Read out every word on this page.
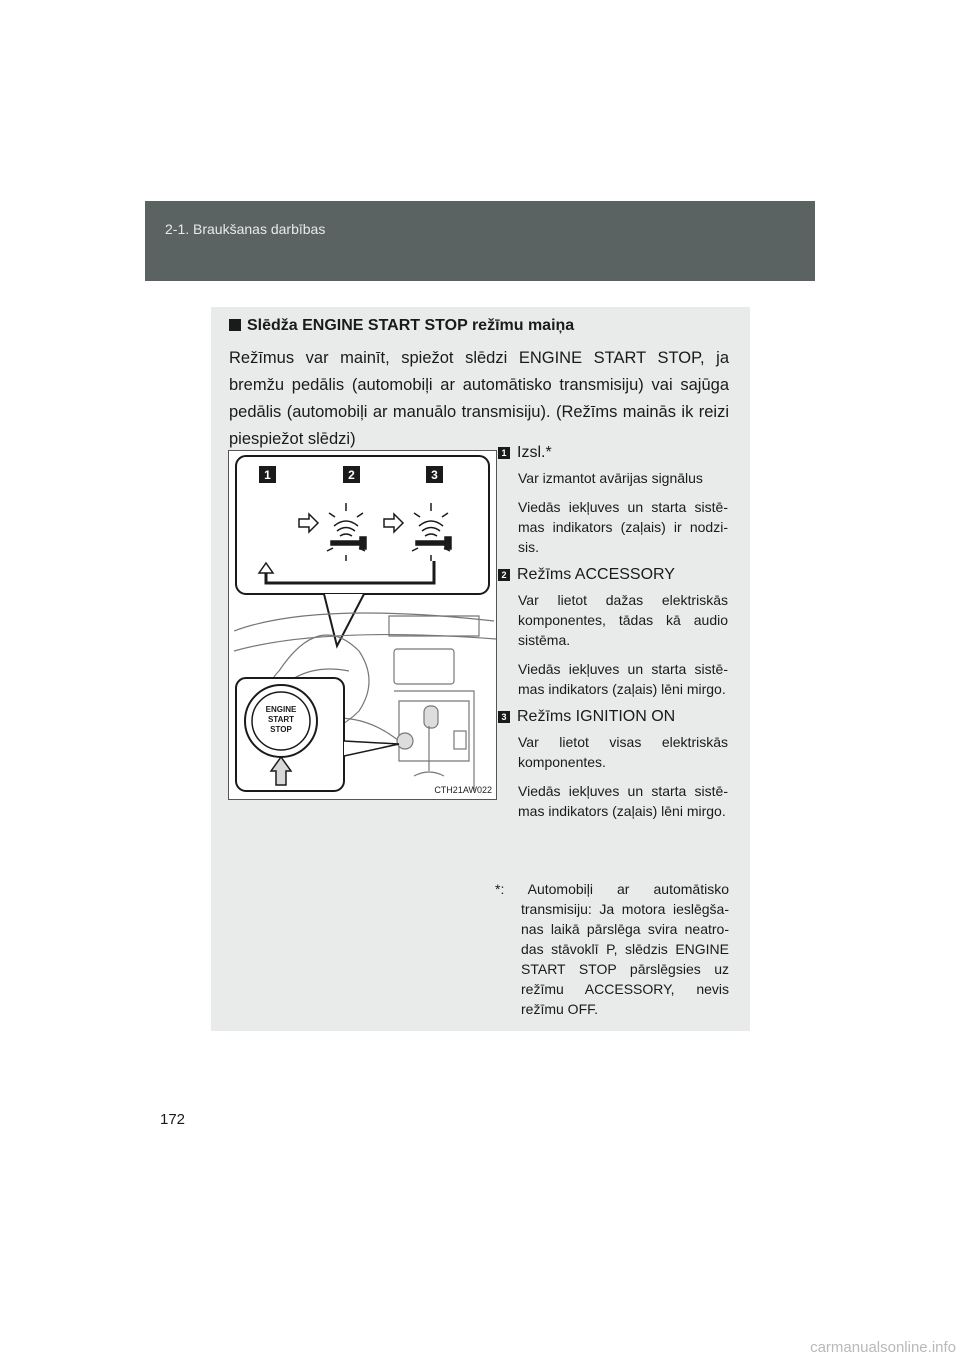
2-1. Braukšanas darbības
Slēdža ENGINE START STOP režīmu maiņa
Režīmus var mainīt, spiežot slēdzi ENGINE START STOP, ja bremžu pedālis (automobiļi ar automātisko transmisiju) vai sajūga pedālis (automobiļi ar manuālo transmisiju). (Režīms mainās ik reizi piespiežot slēdzi)
1	2	3
ENGINE
START
STOP
CTH21AW022
1 Izsl.*
Var izmantot avārijas signālus
Viedās iekļuves un starta sistē-mas indikators (zaļais) ir nodzi-sis.
2 Režīms ACCESSORY
Var lietot dažas elektriskās komponentes, tādas kā audio sistēma.
Viedās iekļuves un starta sistē-mas indikators (zaļais) lēni mirgo.
3 Režīms IGNITION ON
Var lietot visas elektriskās komponentes.
Viedās iekļuves un starta sistē-mas indikators (zaļais) lēni mirgo.
*: Automobiļi ar automātisko transmisiju: Ja motora ieslēgša-nas laikā pārslēga svira neatro-das stāvoklī P, slēdzis ENGINE START STOP pārslēgsies uz režīmu ACCESSORY, nevis režīmu OFF.
172
carmanualsonline.info
